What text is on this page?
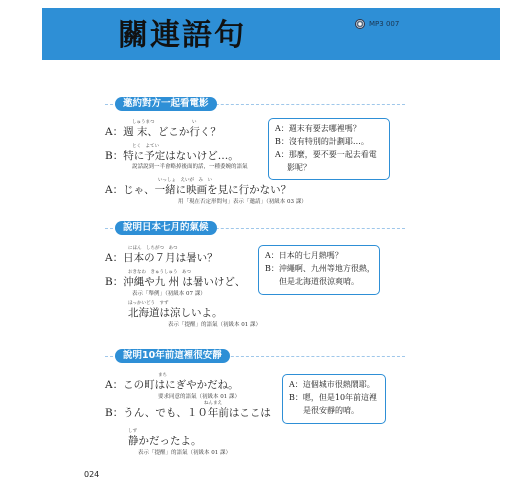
關連語句	MP3 007
邀約對方一起看電影
しゅうまつ	い
A：週 末、どこか行く？
とく　よてい
B：特に予定はないけど…。
說話說到一半會略掉後面的話，一種委婉的語氣
いっしょ　えいが　み　い
A：じゃ、一緒に映画を見に行かない？
用「現在否定形問句」表示「邀請」（初級本 03 課）
A：週末有要去哪裡嗎？
B：沒有特別的計劃耶…。
A：那麼，要不要一起去看電
影呢？
說明日本七月的氣候
にほん　しちがつ　あつ
A：日本の７月は暑い？
おきなわ　きゅうしゅう　あつ
B：沖縄や九 州 は暑いけど、
表示「舉例」（初級本 07 課）
ほっかいどう　すず
北海道は涼しいよ。
表示「提醒」的語氣（初級本 01 課）
A：日本的七月熱嗎？
B：沖繩啊、九州等地方很熱，
但是北海道很涼爽唷。
說明10年前這裡很安靜
まち
A：この町はにぎやかだね。
要求同意的語氣（初級本 01 課）
ねんまえ
B：うん、でも、１０年前はここは
しず
静かだったよ。
表示「提醒」的語氣（初級本 01 課）
A：這個城市很熱鬧耶。
B：嗯，但是10年前這裡
是很安靜的唷。
024
